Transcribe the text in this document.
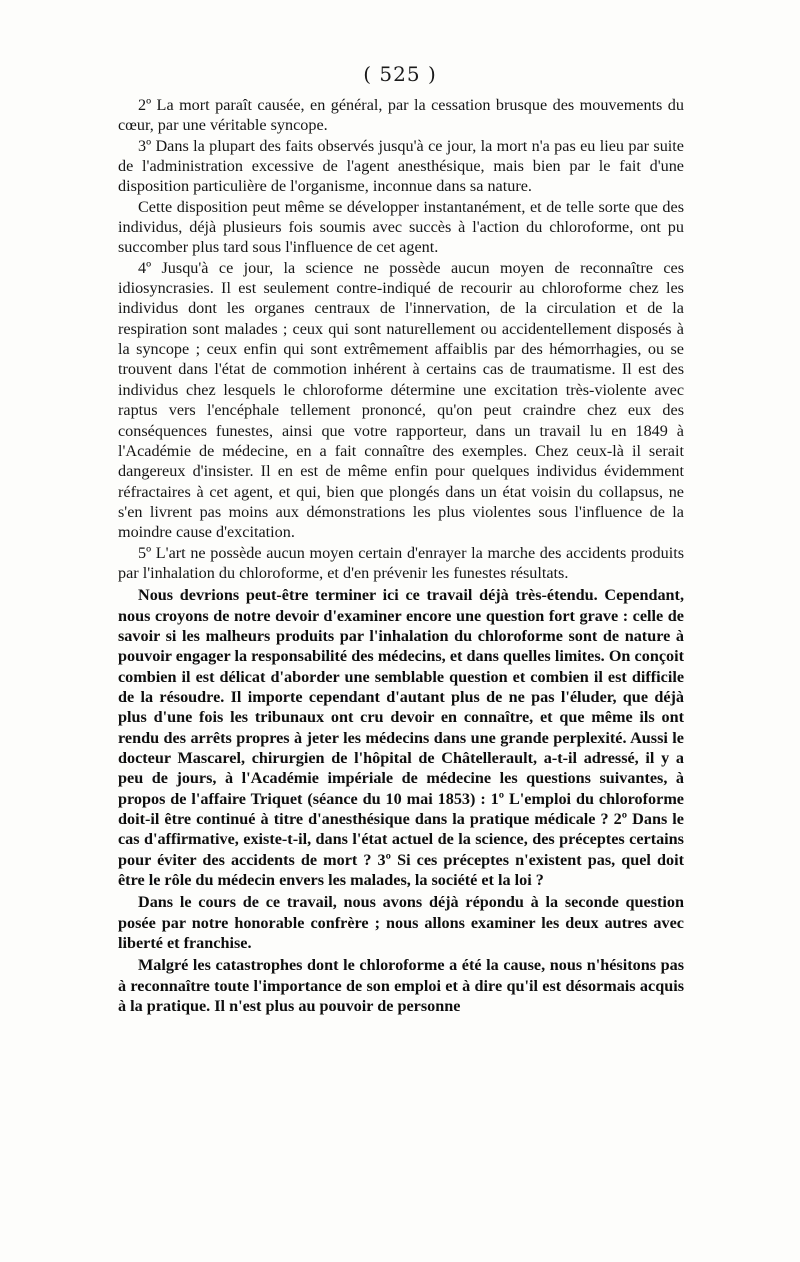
( 525 )

2º La mort paraît causée, en général, par la cessation brusque des mouvements du cœur, par une véritable syncope.

3º Dans la plupart des faits observés jusqu'à ce jour, la mort n'a pas eu lieu par suite de l'administration excessive de l'agent anesthésique, mais bien par le fait d'une disposition particulière de l'organisme, inconnue dans sa nature.

Cette disposition peut même se développer instantanément, et de telle sorte que des individus, déjà plusieurs fois soumis avec succès à l'action du chloroforme, ont pu succomber plus tard sous l'influence de cet agent.

4º Jusqu'à ce jour, la science ne possède aucun moyen de reconnaître ces idiosyncrasies. Il est seulement contre-indiqué de recourir au chloroforme chez les individus dont les organes centraux de l'innervation, de la circulation et de la respiration sont malades ; ceux qui sont naturellement ou accidentellement disposés à la syncope ; ceux enfin qui sont extrêmement affaiblis par des hémorrhagies, ou se trouvent dans l'état de commotion inhérent à certains cas de traumatisme. Il est des individus chez lesquels le chloroforme détermine une excitation très-violente avec raptus vers l'encéphale tellement prononcé, qu'on peut craindre chez eux des conséquences funestes, ainsi que votre rapporteur, dans un travail lu en 1849 à l'Académie de médecine, en a fait connaître des exemples. Chez ceux-là il serait dangereux d'insister. Il en est de même enfin pour quelques individus évidemment réfractaires à cet agent, et qui, bien que plongés dans un état voisin du collapsus, ne s'en livrent pas moins aux démonstrations les plus violentes sous l'influence de la moindre cause d'excitation.

5º L'art ne possède aucun moyen certain d'enrayer la marche des accidents produits par l'inhalation du chloroforme, et d'en prévenir les funestes résultats.

Nous devrions peut-être terminer ici ce travail déjà très-étendu. Cependant, nous croyons de notre devoir d'examiner encore une question fort grave : celle de savoir si les malheurs produits par l'inhalation du chloroforme sont de nature à pouvoir engager la responsabilité des médecins, et dans quelles limites. On conçoit combien il est délicat d'aborder une semblable question et combien il est difficile de la résoudre. Il importe cependant d'autant plus de ne pas l'éluder, que déjà plus d'une fois les tribunaux ont cru devoir en connaître, et que même ils ont rendu des arrêts propres à jeter les médecins dans une grande perplexité. Aussi le docteur Mascarel, chirurgien de l'hôpital de Châtellerault, a-t-il adressé, il y a peu de jours, à l'Académie impériale de médecine les questions suivantes, à propos de l'affaire Triquet (séance du 10 mai 1853) : 1º L'emploi du chloroforme doit-il être continué à titre d'anesthésique dans la pratique médicale ? 2º Dans le cas d'affirmative, existe-t-il, dans l'état actuel de la science, des préceptes certains pour éviter des accidents de mort ? 3º Si ces préceptes n'existent pas, quel doit être le rôle du médecin envers les malades, la société et la loi ?

Dans le cours de ce travail, nous avons déjà répondu à la seconde question posée par notre honorable confrère ; nous allons examiner les deux autres avec liberté et franchise.

Malgré les catastrophes dont le chloroforme a été la cause, nous n'hésitons pas à reconnaître toute l'importance de son emploi et à dire qu'il est désormais acquis à la pratique. Il n'est plus au pouvoir de personne
